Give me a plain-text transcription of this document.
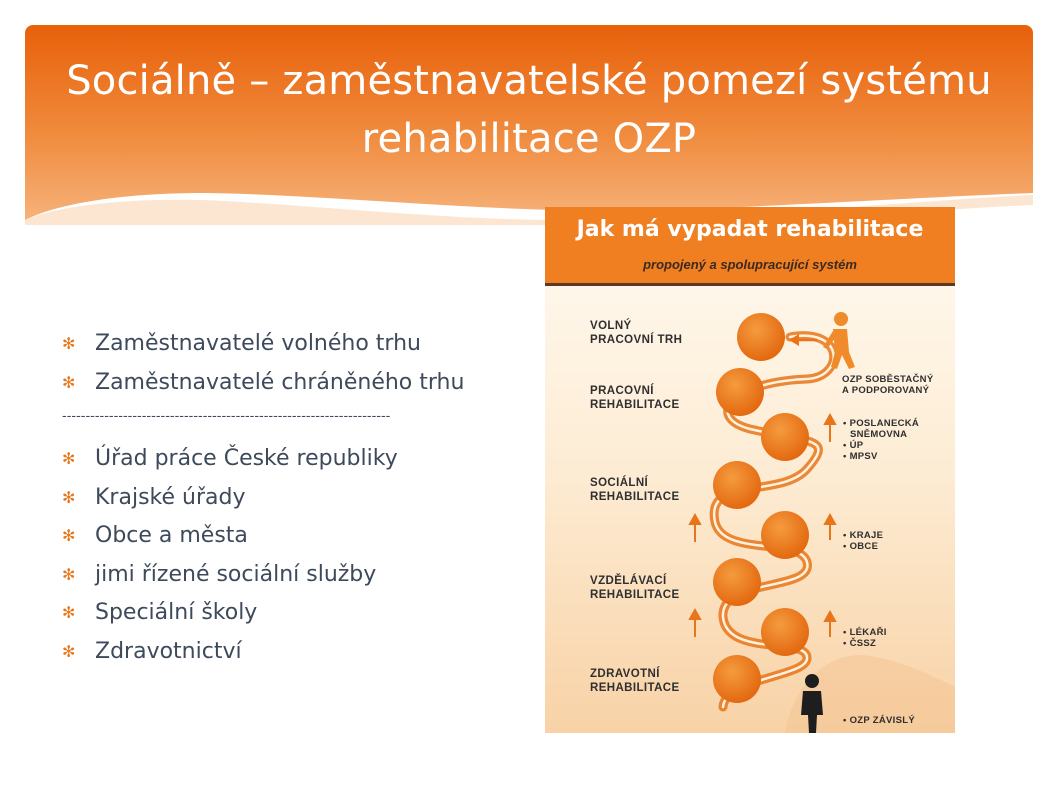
Sociálně – zaměstnavatelské pomezí systému
rehabilitace OZP
✻ Zaměstnavatelé volného trhu
✻ Zaměstnavatelé chráněného trhu
----------------------------------------------------------------------
✻ Úřad práce České republiky
✻ Krajské úřady
✻ Obce a města
✻ jimi řízené sociální služby
✻ Speciální školy
✻ Zdravotnictví
Jak má vypadat rehabilitace
propojený a spolupracující systém
VOLNÝ
PRACOVNÍ TRH
PRACOVNÍ
REHABILITACE
SOCIÁLNÍ
REHABILITACE
VZDĚLÁVACÍ
REHABILITACE
ZDRAVOTNÍ
REHABILITACE
OZP SOBĚSTAČNÝ
A PODPOROVANÝ
• POSLANECKÁ
SNĚMOVNA
• ÚP
• MPSV
• KRAJE
• OBCE
• LÉKAŘI
• ČSSZ
• OZP ZÁVISLÝ
